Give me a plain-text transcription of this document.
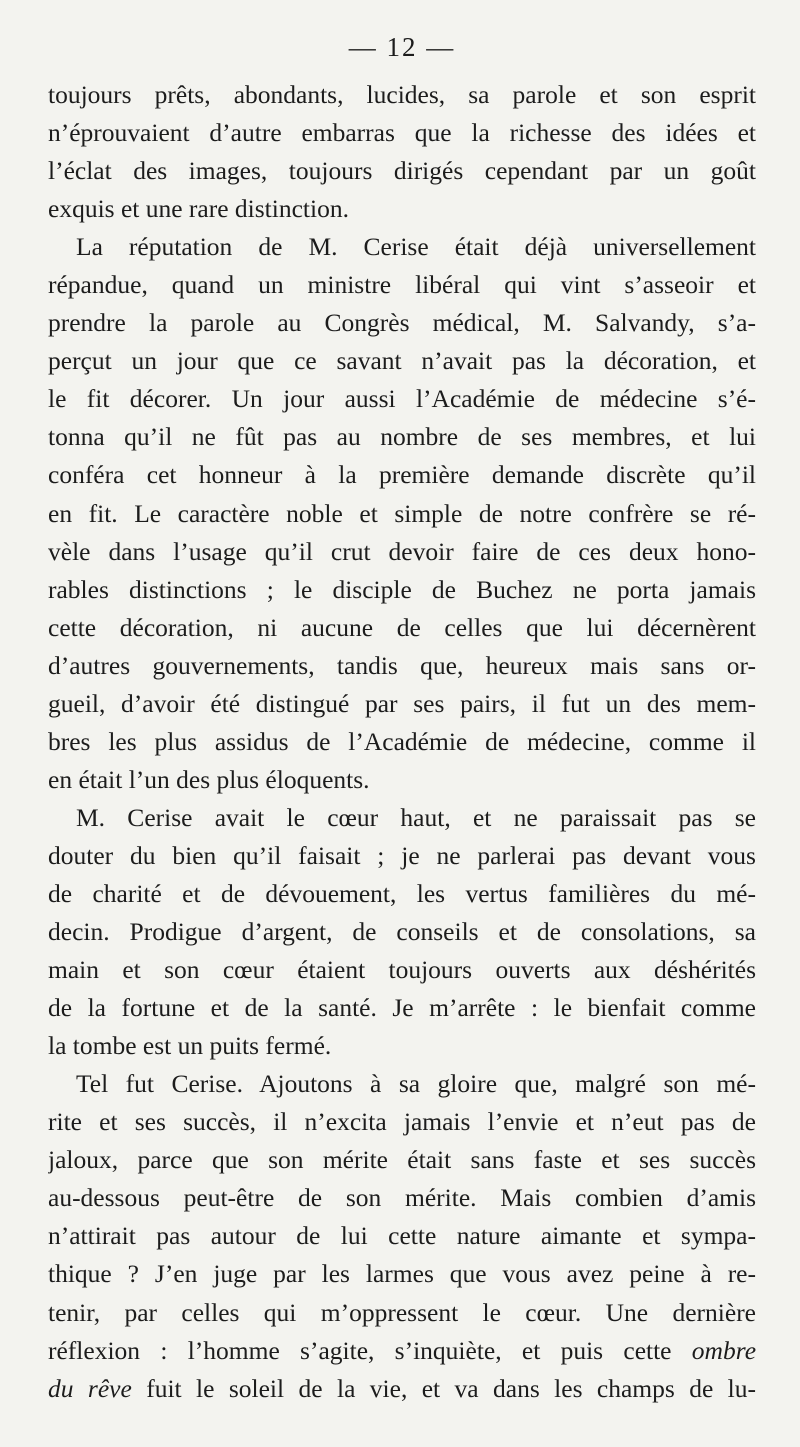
— 12 —
toujours prêts, abondants, lucides, sa parole et son esprit
n’éprouvaient d’autre embarras que la richesse des idées et
l’éclat des images, toujours dirigés cependant par un goût
exquis et une rare distinction.
La réputation de M. Cerise était déjà universellement
répandue, quand un ministre libéral qui vint s’asseoir et
prendre la parole au Congrès médical, M. Salvandy, s’a-
perçut un jour que ce savant n’avait pas la décoration, et
le fit décorer. Un jour aussi l’Académie de médecine s’é-
tonna qu’il ne fût pas au nombre de ses membres, et lui
conféra cet honneur à la première demande discrète qu’il
en fit. Le caractère noble et simple de notre confrère se ré-
vèle dans l’usage qu’il crut devoir faire de ces deux hono-
rables distinctions ; le disciple de Buchez ne porta jamais
cette décoration, ni aucune de celles que lui décernèrent
d’autres gouvernements, tandis que, heureux mais sans or-
gueil, d’avoir été distingué par ses pairs, il fut un des mem-
bres les plus assidus de l’Académie de médecine, comme il
en était l’un des plus éloquents.
M. Cerise avait le cœur haut, et ne paraissait pas se
douter du bien qu’il faisait ; je ne parlerai pas devant vous
de charité et de dévouement, les vertus familières du mé-
decin. Prodigue d’argent, de conseils et de consolations, sa
main et son cœur étaient toujours ouverts aux déshérités
de la fortune et de la santé. Je m’arrête : le bienfait comme
la tombe est un puits fermé.
Tel fut Cerise. Ajoutons à sa gloire que, malgré son mé-
rite et ses succès, il n’excita jamais l’envie et n’eut pas de
jaloux, parce que son mérite était sans faste et ses succès
au-dessous peut-être de son mérite. Mais combien d’amis
n’attirait pas autour de lui cette nature aimante et sympa-
thique ? J’en juge par les larmes que vous avez peine à re-
tenir, par celles qui m’oppressent le cœur. Une dernière
réflexion : l’homme s’agite, s’inquiète, et puis cette ombre
du rêve fuit le soleil de la vie, et va dans les champs de lu-
